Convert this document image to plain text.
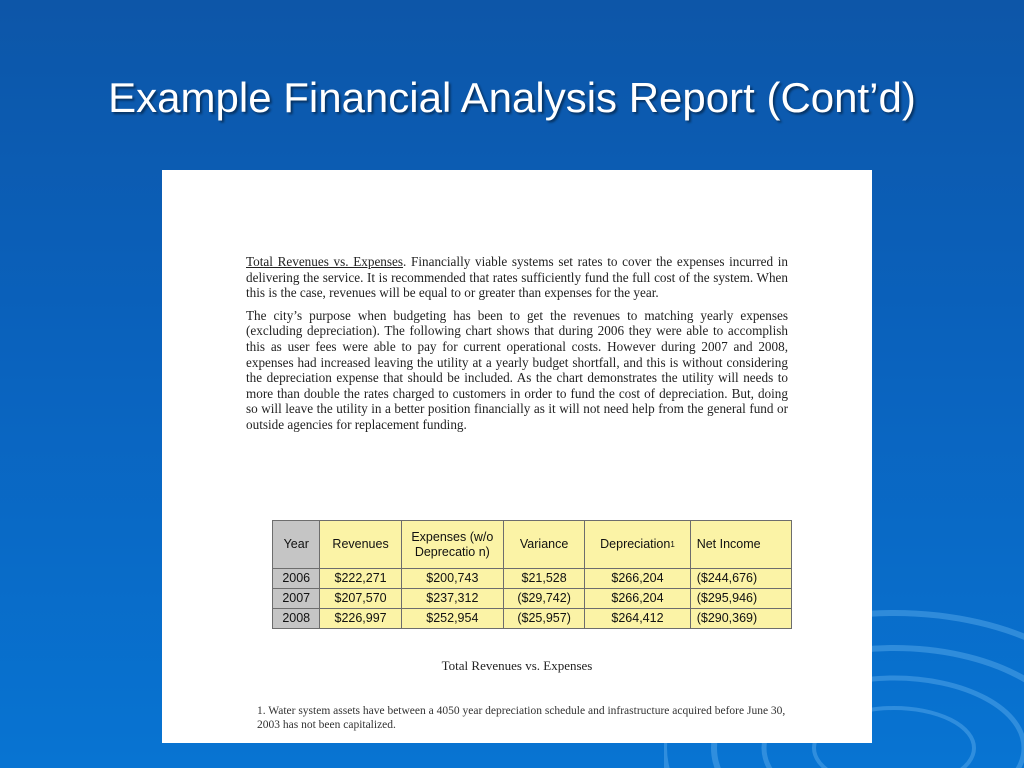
Example Financial Analysis Report (Cont’d)

Total Revenues vs. Expenses. Financially viable systems set rates to cover the expenses incurred in delivering the service. It is recommended that rates sufficiently fund the full cost of the system. When this is the case, revenues will be equal to or greater than expenses for the year.

The city’s purpose when budgeting has been to get the revenues to matching yearly expenses (excluding depreciation). The following chart shows that during 2006 they were able to accomplish this as user fees were able to pay for current operational costs. However during 2007 and 2008, expenses had increased leaving the utility at a yearly budget shortfall, and this is without considering the depreciation expense that should be included. As the chart demonstrates the utility will needs to more than double the rates charged to customers in order to fund the cost of depreciation. But, doing so will leave the utility in a better position financially as it will not need help from the general fund or outside agencies for replacement funding.

Year	Revenues	Expenses (w/o Deprecatio n)	Variance	Depreciation$^1$	Net Income
2006	$222,271	$200,743	$21,528	$266,204	($244,676)
2007	$207,570	$237,312	($29,742)	$266,204	($295,946)
2008	$226,997	$252,954	($25,957)	$264,412	($290,369)
Total Revenues vs. Expenses
1. Water system assets have between a 4050 year depreciation schedule and infrastructure acquired before June 30, 2003 has not been capitalized.
